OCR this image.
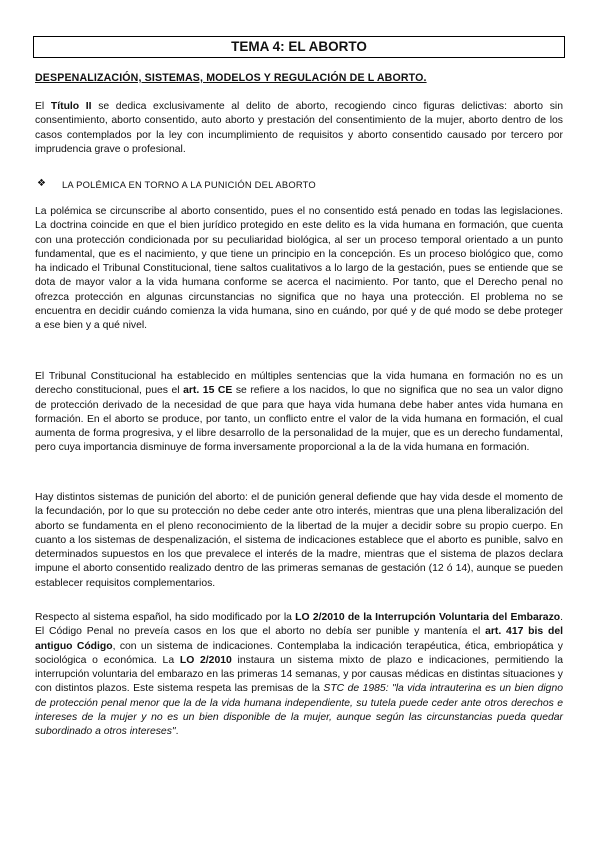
TEMA 4: EL ABORTO
DESPENALIZACIÓN, SISTEMAS, MODELOS Y REGULACIÓN DE L ABORTO.

El Título II se dedica exclusivamente al delito de aborto, recogiendo cinco figuras delictivas: aborto sin consentimiento, aborto consentido, auto aborto y prestación del consentimiento de la mujer, aborto dentro de los casos contemplados por la ley con incumplimiento de requisitos y aborto consentido causado por tercero por imprudencia grave o profesional.

❖ LA POLÉMICA EN TORNO A LA PUNICIÓN DEL ABORTO

La polémica se circunscribe al aborto consentido, pues el no consentido está penado en todas las legislaciones. La doctrina coincide en que el bien jurídico protegido en este delito es la vida humana en formación, que cuenta con una protección condicionada por su peculiaridad biológica, al ser un proceso temporal orientado a un punto fundamental, que es el nacimiento, y que tiene un principio en la concepción. Es un proceso biológico que, como ha indicado el Tribunal Constitucional, tiene saltos cualitativos a lo largo de la gestación, pues se entiende que se dota de mayor valor a la vida humana conforme se acerca el nacimiento. Por tanto, que el Derecho penal no ofrezca protección en algunas circunstancias no significa que no haya una protección. El problema no se encuentra en decidir cuándo comienza la vida humana, sino en cuándo, por qué y de qué modo se debe proteger a ese bien y a qué nivel.

El Tribunal Constitucional ha establecido en múltiples sentencias que la vida humana en formación no es un derecho constitucional, pues el art. 15 CE se refiere a los nacidos, lo que no significa que no sea un valor digno de protección derivado de la necesidad de que para que haya vida humana debe haber antes vida humana en formación. En el aborto se produce, por tanto, un conflicto entre el valor de la vida humana en formación, el cual aumenta de forma progresiva, y el libre desarrollo de la personalidad de la mujer, que es un derecho fundamental, pero cuya importancia disminuye de forma inversamente proporcional a la de la vida humana en formación.

Hay distintos sistemas de punición del aborto: el de punición general defiende que hay vida desde el momento de la fecundación, por lo que su protección no debe ceder ante otro interés, mientras que una plena liberalización del aborto se fundamenta en el pleno reconocimiento de la libertad de la mujer a decidir sobre su propio cuerpo. En cuanto a los sistemas de despenalización, el sistema de indicaciones establece que el aborto es punible, salvo en determinados supuestos en los que prevalece el interés de la madre, mientras que el sistema de plazos declara impune el aborto consentido realizado dentro de las primeras semanas de gestación (12 ó 14), aunque se pueden establecer requisitos complementarios.

Respecto al sistema español, ha sido modificado por la LO 2/2010 de la Interrupción Voluntaria del Embarazo. El Código Penal no preveía casos en los que el aborto no debía ser punible y mantenía el art. 417 bis del antiguo Código, con un sistema de indicaciones. Contemplaba la indicación terapéutica, ética, embriopática y sociológica o económica. La LO 2/2010 instaura un sistema mixto de plazo e indicaciones, permitiendo la interrupción voluntaria del embarazo en las primeras 14 semanas, y por causas médicas en distintas situaciones y con distintos plazos. Este sistema respeta las premisas de la STC de 1985: "la vida intrauterina es un bien digno de protección penal menor que la de la vida humana independiente, su tutela puede ceder ante otros derechos e intereses de la mujer y no es un bien disponible de la mujer, aunque según las circunstancias pueda quedar subordinado a otros intereses".
